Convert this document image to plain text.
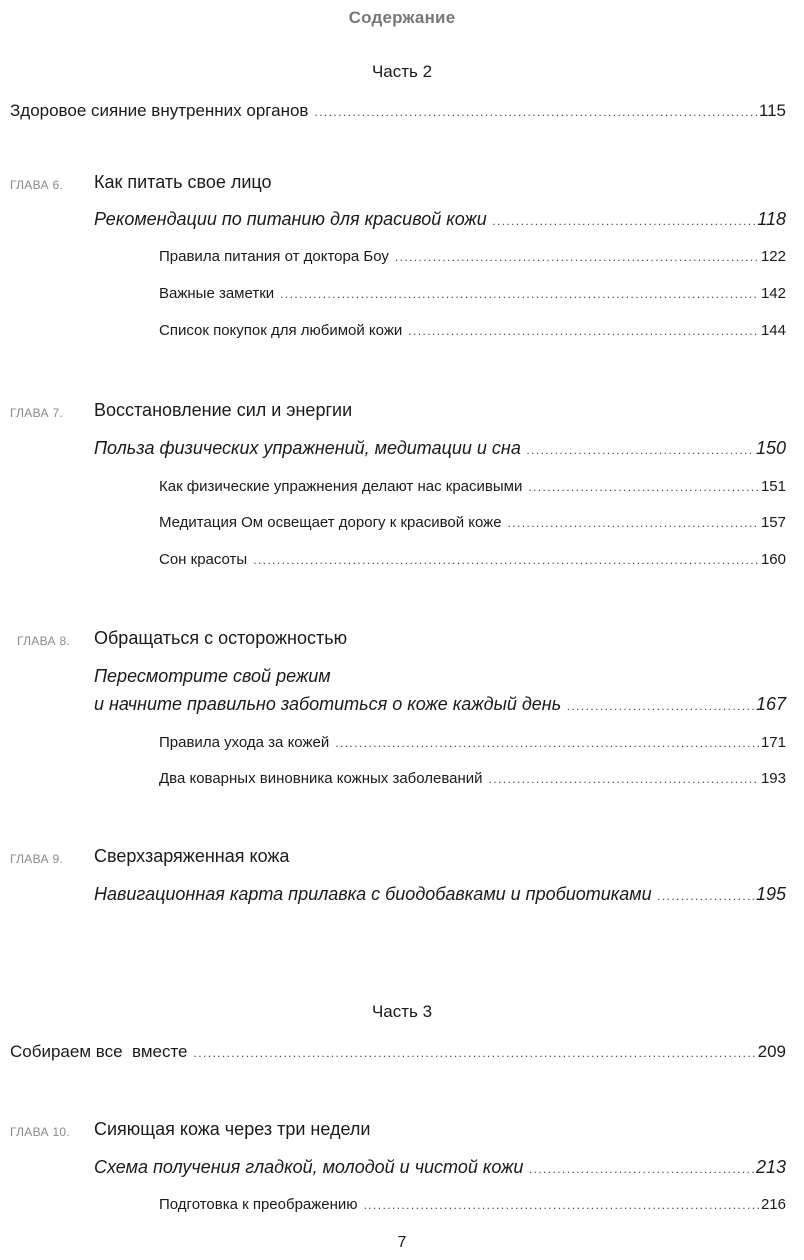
Содержание
Часть 2
Здоровое сияние внутренних органов .....	115
ГЛАВА 6. Как питать свое лицо
Рекомендации по питанию для красивой кожи .....	118
Правила питания от доктора Боу .....	122
Важные заметки .....	142
Список покупок для любимой кожи .....	144
ГЛАВА 7. Восстановление сил и энергии
Польза физических упражнений, медитации и сна .....	150
Как физические упражнения делают нас красивыми .....	151
Медитация Ом освещает дорогу к красивой коже .....	157
Сон красоты .....	160
ГЛАВА 8. Обращаться с осторожностью
Пересмотрите свой режим
и начните правильно заботиться о коже каждый день .....	167
Правила ухода за кожей .....	171
Два коварных виновника кожных заболеваний .....	193
ГЛАВА 9. Сверхзаряженная кожа
Навигационная карта прилавка с биодобавками и пробиотиками .....	195
Часть 3
Собираем все  вместе .....	209
ГЛАВА 10. Сияющая кожа через три недели
Схема получения гладкой, молодой и чистой кожи .....	213
Подготовка к преображению .....	216
7
